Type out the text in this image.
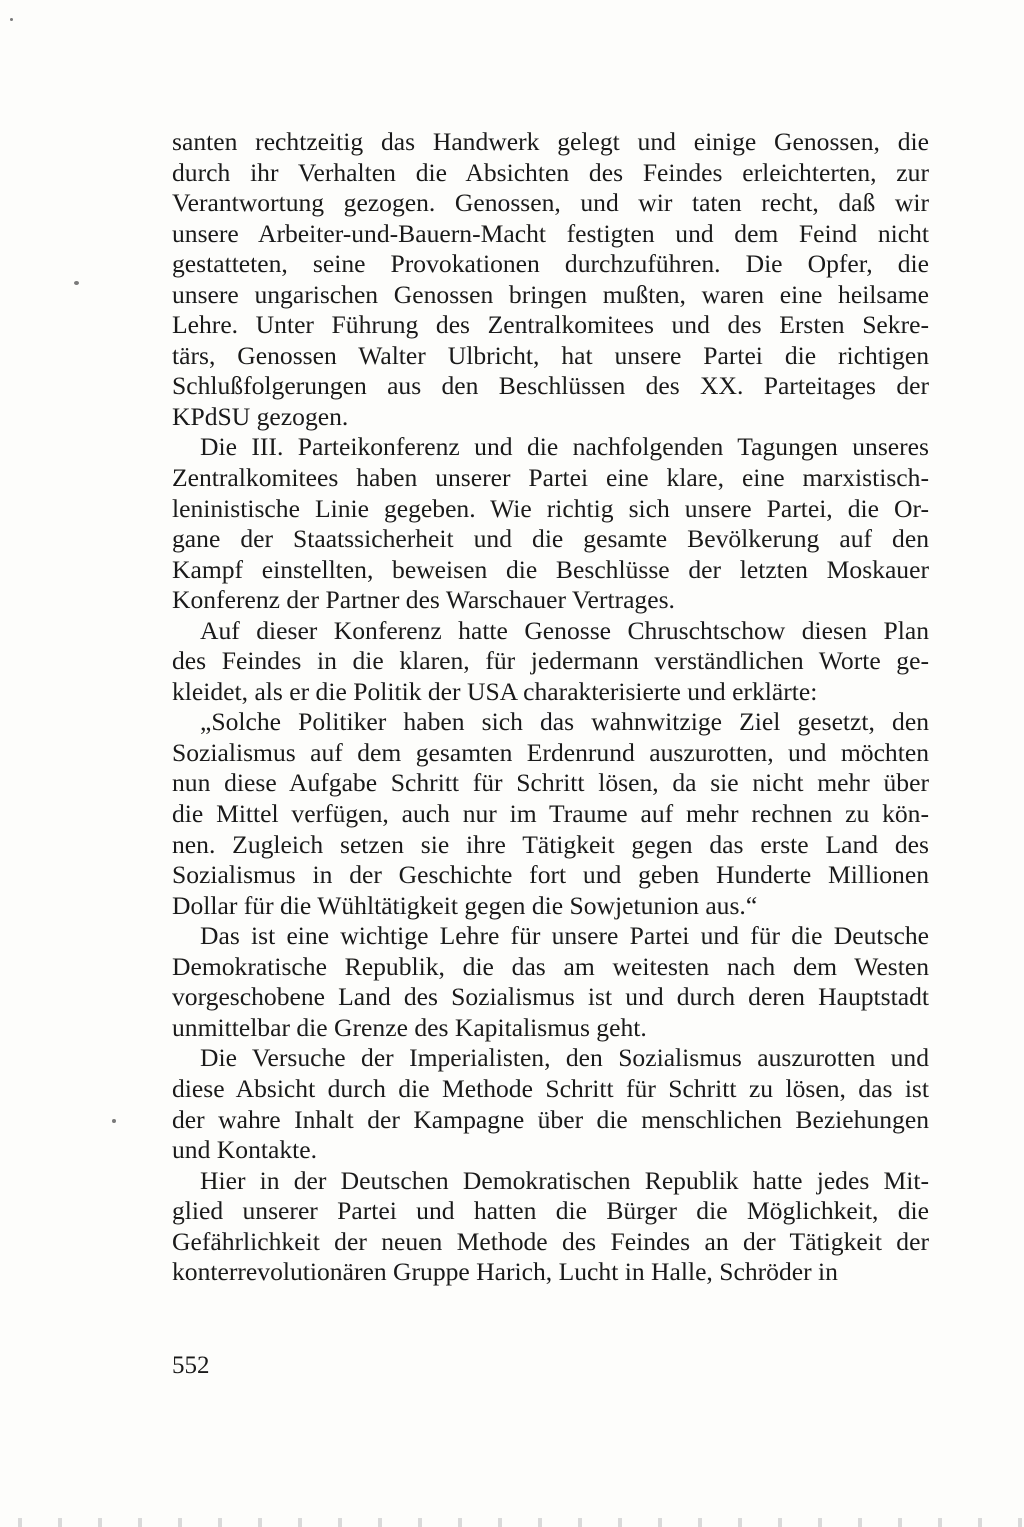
santen rechtzeitig das Handwerk gelegt und einige Genossen, die
durch ihr Verhalten die Absichten des Feindes erleichterten, zur
Verantwortung gezogen. Genossen, und wir taten recht, daß wir
unsere Arbeiter-und-Bauern-Macht festigten und dem Feind nicht
gestatteten, seine Provokationen durchzuführen. Die Opfer, die
unsere ungarischen Genossen bringen mußten, waren eine heilsame
Lehre. Unter Führung des Zentralkomitees und des Ersten Sekre-
tärs, Genossen Walter Ulbricht, hat unsere Partei die richtigen
Schlußfolgerungen aus den Beschlüssen des XX. Parteitages der
KPdSU gezogen.
Die III. Parteikonferenz und die nachfolgenden Tagungen unseres
Zentralkomitees haben unserer Partei eine klare, eine marxistisch-
leninistische Linie gegeben. Wie richtig sich unsere Partei, die Or-
gane der Staatssicherheit und die gesamte Bevölkerung auf den
Kampf einstellten, beweisen die Beschlüsse der letzten Moskauer
Konferenz der Partner des Warschauer Vertrages.
Auf dieser Konferenz hatte Genosse Chruschtschow diesen Plan
des Feindes in die klaren, für jedermann verständlichen Worte ge-
kleidet, als er die Politik der USA charakterisierte und erklärte:
„Solche Politiker haben sich das wahnwitzige Ziel gesetzt, den
Sozialismus auf dem gesamten Erdenrund auszurotten, und möchten
nun diese Aufgabe Schritt für Schritt lösen, da sie nicht mehr über
die Mittel verfügen, auch nur im Traume auf mehr rechnen zu kön-
nen. Zugleich setzen sie ihre Tätigkeit gegen das erste Land des
Sozialismus in der Geschichte fort und geben Hunderte Millionen
Dollar für die Wühltätigkeit gegen die Sowjetunion aus.“
Das ist eine wichtige Lehre für unsere Partei und für die Deutsche
Demokratische Republik, die das am weitesten nach dem Westen
vorgeschobene Land des Sozialismus ist und durch deren Hauptstadt
unmittelbar die Grenze des Kapitalismus geht.
Die Versuche der Imperialisten, den Sozialismus auszurotten und
diese Absicht durch die Methode Schritt für Schritt zu lösen, das ist
der wahre Inhalt der Kampagne über die menschlichen Beziehungen
und Kontakte.
Hier in der Deutschen Demokratischen Republik hatte jedes Mit-
glied unserer Partei und hatten die Bürger die Möglichkeit, die
Gefährlichkeit der neuen Methode des Feindes an der Tätigkeit der
konterrevolutionären Gruppe Harich, Lucht in Halle, Schröder in
552
